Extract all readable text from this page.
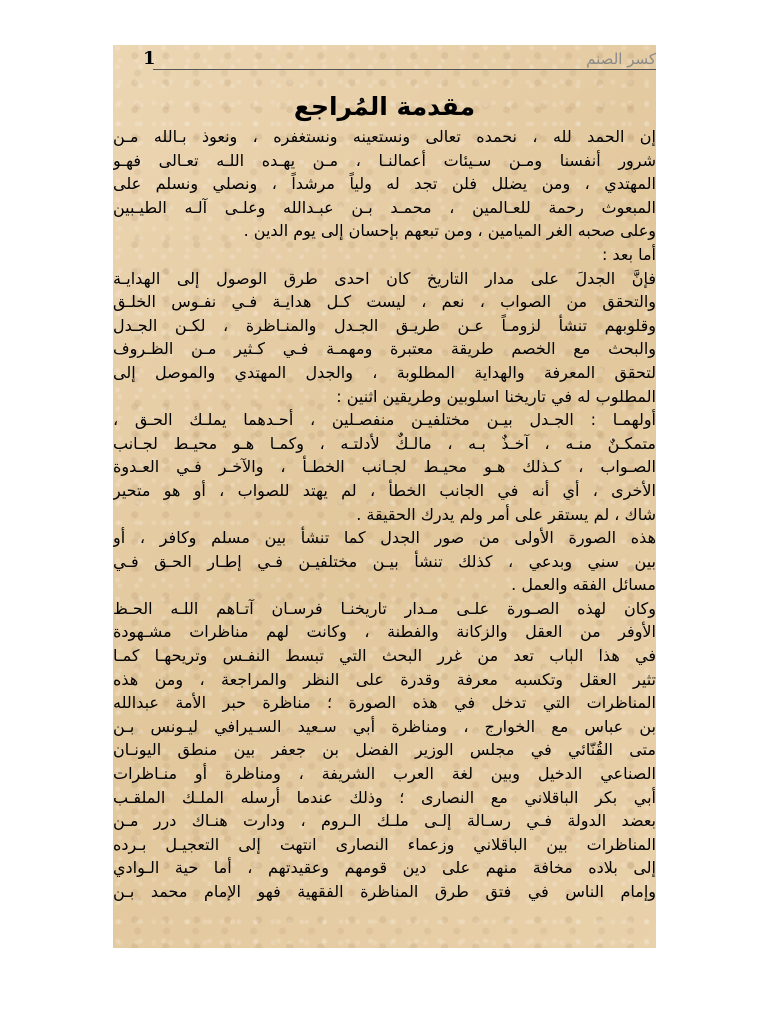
كسر الصنم
1
مقدمة المُراجع
إن الحمد لله ، نحمده تعالى ونستعينه ونستغفره ، ونعوذ بـالله مـن
شرور أنفسنا ومـن سـيئات أعمالنـا ، مـن يهـده اللـه تعـالى فهـو
المهتدي ، ومن يضلل فلن تجد له ولياً مرشداً ، ونصلي ونسلم على
المبعوث رحمة للعـالمين ، محمـد بـن عبـدالله وعلـى آلـه الطيـبين
وعلى صحبه الغر الميامين ، ومن تبعهم بإحسان إلى يوم الدين .
أما بعد :
فإنَّ الجدلَ على مدار التاريخ كان احدى طرق الوصول إلى الهدايـة
والتحقق من الصواب ، نعم ، ليست كـل هدايـة فـي نفـوس الخلـق
وقلوبهم تنشأ لزومـاً عـن طريـق الجـدل والمنـاظرة ، لكـن الجـدل
والبحث مع الخصم طريقة معتبرة ومهمـة فـي كـثير مـن الظـروف
لتحقق المعرفة والهداية المطلوبة ، والجدل المهتدي والموصل إلى
المطلوب له في تاريخنا اسلوبين وطريقين اثنين :
أولهمـا : الجـدل بيـن مختلفيـن منفصـلين ، أحـدهما يملـك الحـق ،
متمكـنٌ منـه ، آخـذٌ بـه ، مالـكٌ لأدلتـه ، وكمـا هـو محيـط لجـانب
الصـواب ، كـذلك هـو محيـط لجـانب الخطـأ ، والآخـر فـي العـدوة
الأخرى ، أي أنه في الجانب الخطأ ، لم يهتد للصواب ، أو هو متحير
شاك ، لم يستقر على أمر ولم يدرك الحقيقة .
هذه الصورة الأولى من صور الجدل كما تنشأ بين مسلم وكافر ، أو
بين سني وبدعي ، كذلك تنشأ بيـن مختلفيـن فـي إطـار الحـق فـي
مسائل الفقه والعمل .
وكان لهذه الصـورة علـى مـدار تاريخنـا فرسـان آتـاهم اللـه الحـظ
الأوفر من العقل والزكانة والفطنة ، وكانت لهم مناظرات مشـهودة
في هذا الباب تعد من غرر البحث التي تبسط النفـس وتريحهـا كمـا
تثير العقل وتكسبه معرفة وقدرة على النظر والمراجعة ، ومن هذه
المناظرات التي تدخل في هذه الصورة ؛ مناظرة حبر الأمة عبدالله
بن عباس مع الخوارج ، ومناظرة أبي سـعيد السـيرافي ليـونس بـن
متى القُنّائي في مجلس الوزير الفضل بن جعفر بين منطق اليونـان
الصناعي الدخيل وبين لغة العرب الشريفة ، ومناظرة أو منـاظرات
أبي بكر الباقلاني مع النصارى ؛ وذلك عندما أرسله الملـك الملقـب
بعضد الدولة فـي رسـالة إلـى ملـك الـروم ، ودارت هنـاك درر مـن
المناظرات بين الباقلاني وزعماء النصارى انتهت إلى التعجيـل بـرده
إلى بلاده مخافة منهم على دين قومهم وعقيدتهم ، أما حية الـوادي
وإمام الناس في فتق طرق المناظرة الفقهية فهو الإمام محمد بـن
